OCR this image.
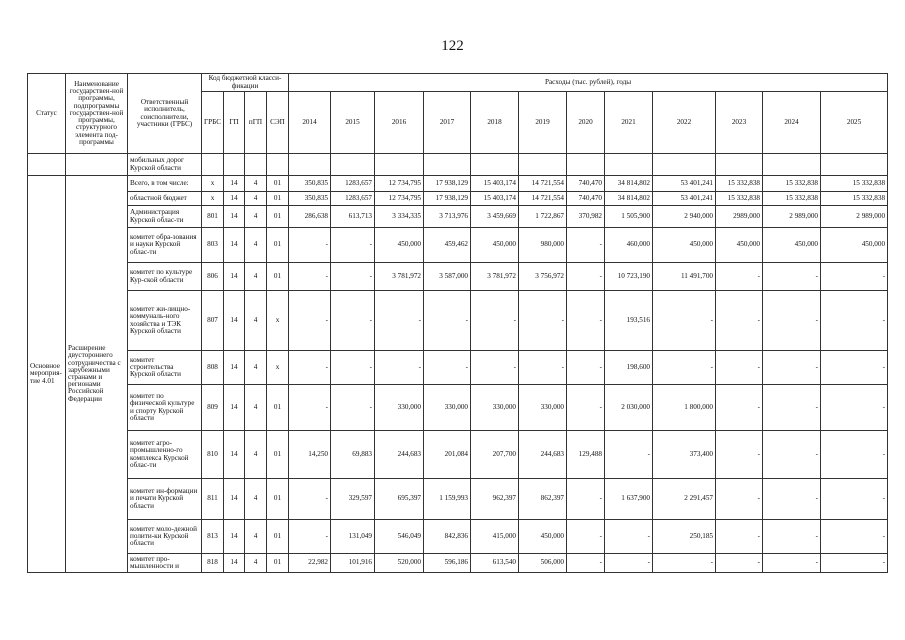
122
Статус	Наименование государствен-ной программы, подпрограммы государствен-ной программы, структурного элемента под-программы	Ответственный исполнитель, соисполнители, участники (ГРБС)	Код бюджетной класси-фикации				Расходы (тыс. рублей), годы											
			ГРБС	ГП	пГП	СЭП	2014	2015	2016	2017	2018	2019	2020	2021	2022	2023	2024	2025
		мобильных дорог Курской области																
Основное мероприя-тие 4.01	Расширение двустороннего сотрудничества с зарубежными странами и регионами Российской Федерации	Всего, в том числе:	x	14	4	01	350,835	1283,657	12 734,795	17 938,129	15 403,174	14 721,554	740,470	34 814,802	53 401,241	15 332,838	15 332,838	15 332,838
		областной бюджет	x	14	4	01	350,835	1283,657	12 734,795	17 938,129	15 403,174	14 721,554	740,470	34 814,802	53 401,241	15 332,838	15 332,838	15 332,838
		Администрация Курской облас-ти	801	14	4	01	286,638	613,713	3 334,335	3 713,976	3 459,669	1 722,867	370,982	1 505,900	2 940,000	2989,000	2 989,000	2 989,000
		комитет обра-зования и науки Курской облас-ти	803	14	4	01	-	-	450,000	459,462	450,000	980,000	-	460,000	450,000	450,000	450,000	450,000
		комитет по культуре Кур-ской области	806	14	4	01	-	-	3 781,972	3 587,000	3 781,972	3 756,972	-	10 723,190	11 491,700	-	-	-
		комитет жи-лищно-коммуналь-ного хозяйства и ТЭК Курской области	807	14	4	х	-	-	-	-	-	-	-	193,516	-	-	-	-
		комитет строительства Курской области	808	14	4	х	-	-	-	-	-	-	-	198,600	-	-	-	-
		комитет по физической культуре и спорту Курской области	809	14	4	01	-	-	330,000	330,000	330,000	330,000	-	2 030,000	1 800,000	-	-	-
		комитет агро-промышленно-го комплекса Курской облас-ти	810	14	4	01	14,250	69,883	244,683	201,084	207,700	244,683	129,488	-	373,400	-	-	-
		комитет ин-формации и печати Курской области	811	14	4	01	-	329,597	695,397	1 159,993	962,397	862,397	-	1 637,900	2 291,457	-	-	-
		комитет моло-дежной полити-ки Курской области	813	14	4	01	-	131,049	546,049	842,836	415,000	450,000	-	-	250,185	-	-	-
		комитет про-мышленности и	818	14	4	01	22,982	101,916	520,000	596,186	613,540	506,000	-	-	-	-	-	-
